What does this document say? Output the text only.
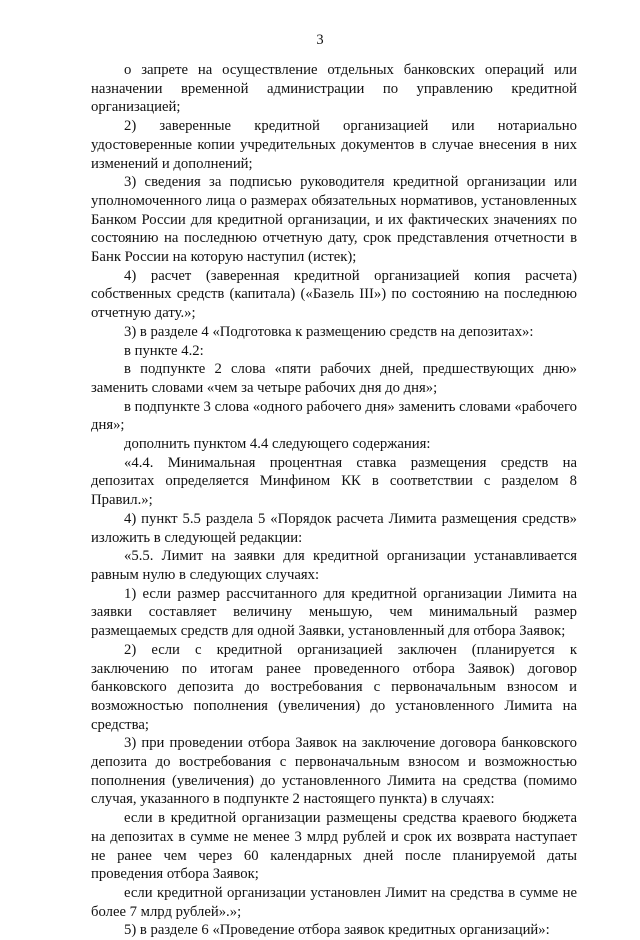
3

о запрете на осуществление отдельных банковских операций или назначении временной администрации по управлению кредитной организацией;

2) заверенные кредитной организацией или нотариально удостоверенные копии учредительных документов в случае внесения в них изменений и дополнений;

3) сведения за подписью руководителя кредитной организации или уполномоченного лица о размерах обязательных нормативов, установленных Банком России для кредитной организации, и их фактических значениях по состоянию на последнюю отчетную дату, срок представления отчетности в Банк России на которую наступил (истек);

4) расчет (заверенная кредитной организацией копия расчета) собственных средств (капитала) («Базель III») по состоянию на последнюю отчетную дату.»;

3) в разделе 4 «Подготовка к размещению средств на депозитах»:

в пункте 4.2:

в подпункте 2 слова «пяти рабочих дней, предшествующих дню» заменить словами «чем за четыре рабочих дня до дня»;

в подпункте 3 слова «одного рабочего дня» заменить словами «рабочего дня»;

дополнить пунктом 4.4 следующего содержания:

«4.4. Минимальная процентная ставка размещения средств на депозитах определяется Минфином КК в соответствии с разделом 8 Правил.»;

4) пункт 5.5 раздела 5 «Порядок расчета Лимита размещения средств» изложить в следующей редакции:

«5.5. Лимит на заявки для кредитной организации устанавливается равным нулю в следующих случаях:

1) если размер рассчитанного для кредитной организации Лимита на заявки составляет величину меньшую, чем минимальный размер размещаемых средств для одной Заявки, установленный для отбора Заявок;

2) если с кредитной организацией заключен (планируется к заключению по итогам ранее проведенного отбора Заявок) договор банковского депозита до востребования с первоначальным взносом и возможностью пополнения (увеличения) до установленного Лимита на средства;

3) при проведении отбора Заявок на заключение договора банковского депозита до востребования с первоначальным взносом и возможностью пополнения (увеличения) до установленного Лимита на средства (помимо случая, указанного в подпункте 2 настоящего пункта) в случаях:

если в кредитной организации размещены средства краевого бюджета на депозитах в сумме не менее 3 млрд рублей и срок их возврата наступает не ранее чем через 60 календарных дней после планируемой даты проведения отбора Заявок;

если кредитной организации установлен Лимит на средства в сумме не более 7 млрд рублей».»;

5) в разделе 6 «Проведение отбора заявок кредитных организаций»:
